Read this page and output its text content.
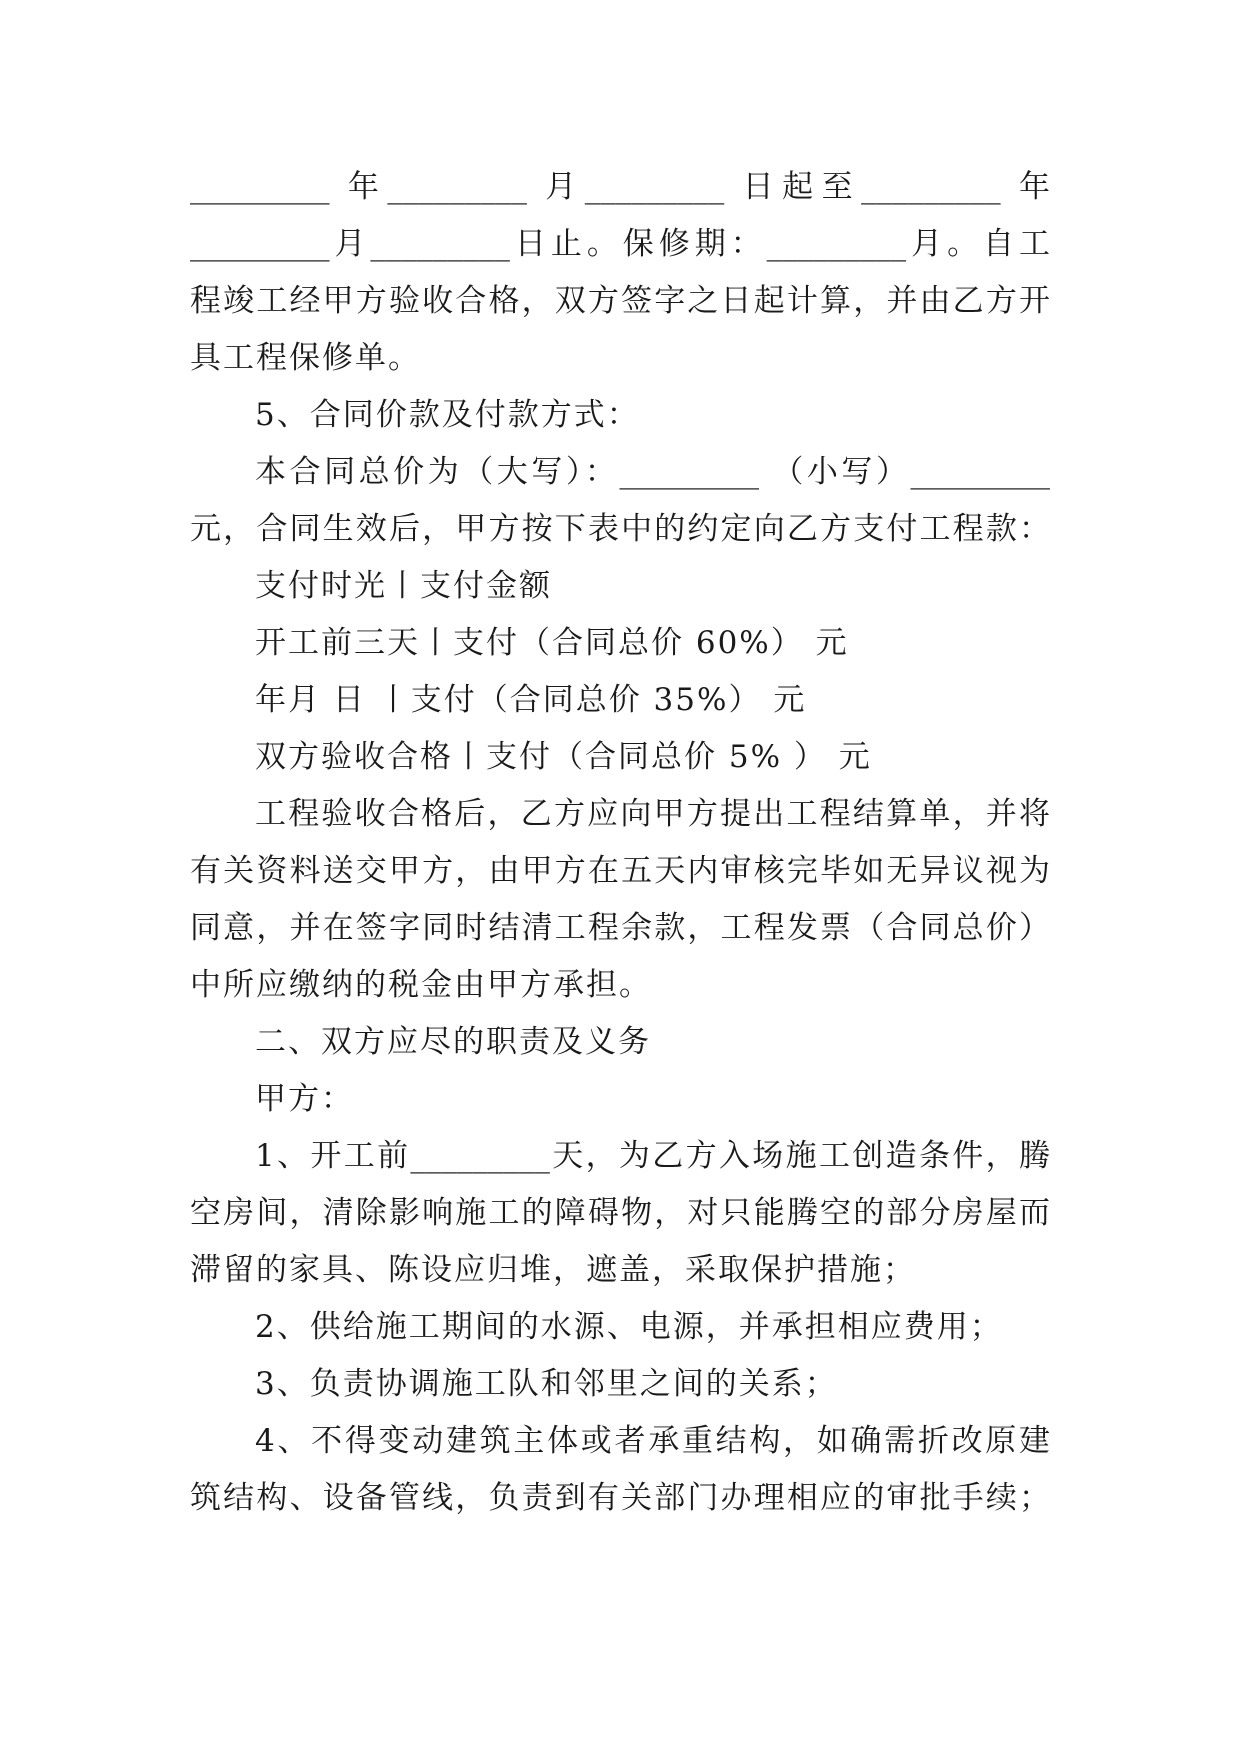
_________ 年_________ 月_________ 日起至_________ 年
_________月_________日止。保修期：_________月。自工
程竣工经甲方验收合格，双方签字之日起计算，并由乙方开
具工程保修单。
5、合同价款及付款方式：
本合同总价为（大写）：_________ （小写）_________
元，合同生效后，甲方按下表中的约定向乙方支付工程款：
支付时光丨支付金额
开工前三天丨支付（合同总价 60%） 元
年月 日 丨支付（合同总价 35%） 元
双方验收合格丨支付（合同总价 5% ） 元
工程验收合格后，乙方应向甲方提出工程结算单，并将
有关资料送交甲方，由甲方在五天内审核完毕如无异议视为
同意，并在签字同时结清工程余款，工程发票（合同总价）
中所应缴纳的税金由甲方承担。
二、双方应尽的职责及义务
甲方：
1、开工前_________天，为乙方入场施工创造条件，腾
空房间，清除影响施工的障碍物，对只能腾空的部分房屋而
滞留的家具、陈设应归堆，遮盖，采取保护措施；
2、供给施工期间的水源、电源，并承担相应费用；
3、负责协调施工队和邻里之间的关系；
4、不得变动建筑主体或者承重结构，如确需折改原建
筑结构、设备管线，负责到有关部门办理相应的审批手续；
